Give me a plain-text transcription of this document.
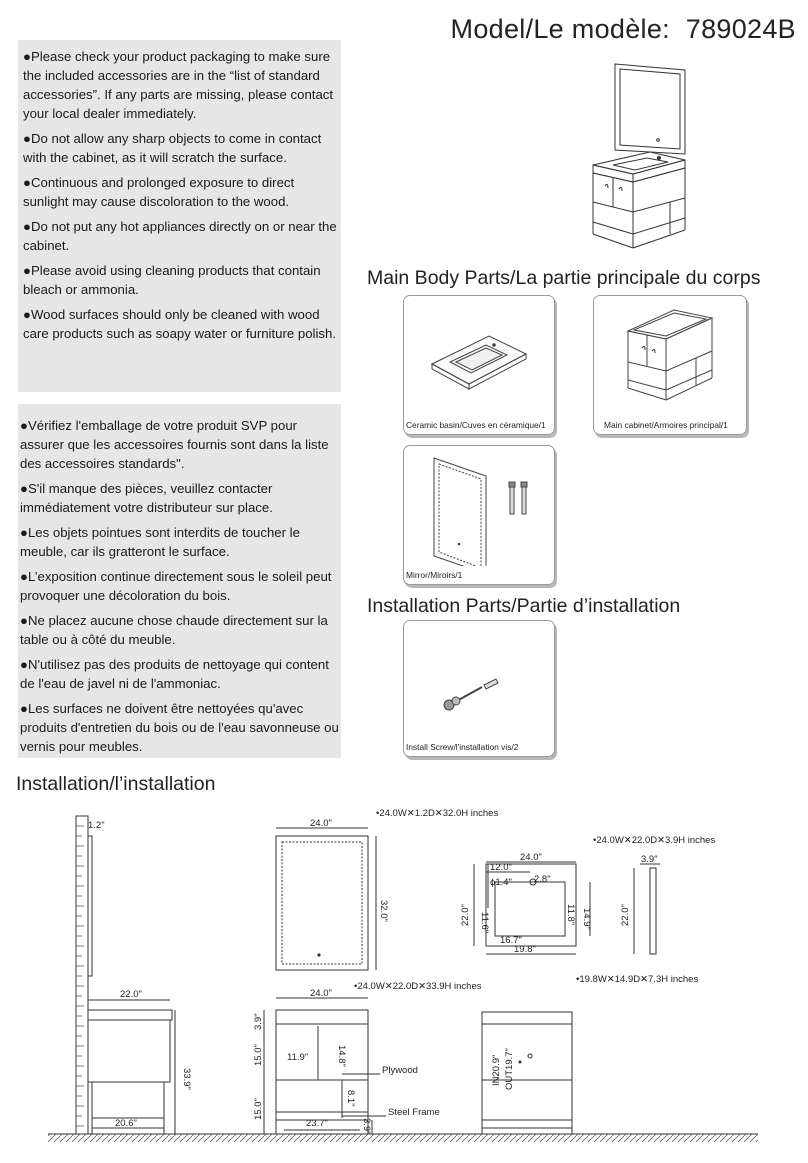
Model/Le modèle: 789024B

●Please check your product packaging to make sure the included accessories are in the “list of standard accessories”. If any parts are missing, please contact your local dealer immediately.

●Do not allow any sharp objects to come in contact with the cabinet, as it will scratch the surface.

●Continuous and prolonged exposure to direct sunlight may cause discoloration to the wood.

●Do not put any hot appliances directly on or near the cabinet.

●Please avoid using cleaning products that contain bleach or ammonia.

●Wood surfaces should only be cleaned with wood care products such as soapy water or furniture polish.

●Vérifiez l'emballage de votre produit SVP pour assurer que les accessoires fournis sont dans la liste des accessoires standards".

●S'il manque des pièces, veuillez contacter immédiatement votre distributeur sur place.

●Les objets pointues sont interdits de toucher le meuble, car ils gratteront le surface.

●L’exposition continue directement sous le soleil peut provoquer une décoloration du bois.

●Ne placez aucune chose chaude directement sur la table ou à côté du meuble.

●N'utilisez pas des produits de nettoyage qui content de l'eau de javel ni de l'ammoniac.

●Les surfaces ne doivent être nettoyées qu'avec produits d'entretien du bois ou de l'eau savonneuse ou vernis pour meubles.

Main Body Parts/La partie principale du corps
Ceramic basin/Cuves en céramique/1	Main cabinet/Armoires principal/1
Mirror/Miroirs/1
Installation Parts/Partie d’installation
Install Screw/l'installation vis/2
Installation/l’installation
1.2"
22.0"
33.9"
20.6"
•24.0W✕1.2D✕32.0H inches
24.0"
32.0"
•24.0W✕22.0D✕3.9H inches
24.0"
12.0"
ϕ1.4" 2.8"
22.0" 11.6"	11.8" 14.9"
16.7"
19.8"
•19.8W✕14.9D✕7.3H inches
3.9"
22.0"
•24.0W✕22.0D✕33.9H inches
24.0"
3.9"
15.0"
15.0"
11.9"	14.8"
8.1"
23.7"	3.9"
Plywood
Steel Frame
IN20.9" OUT19.7"
